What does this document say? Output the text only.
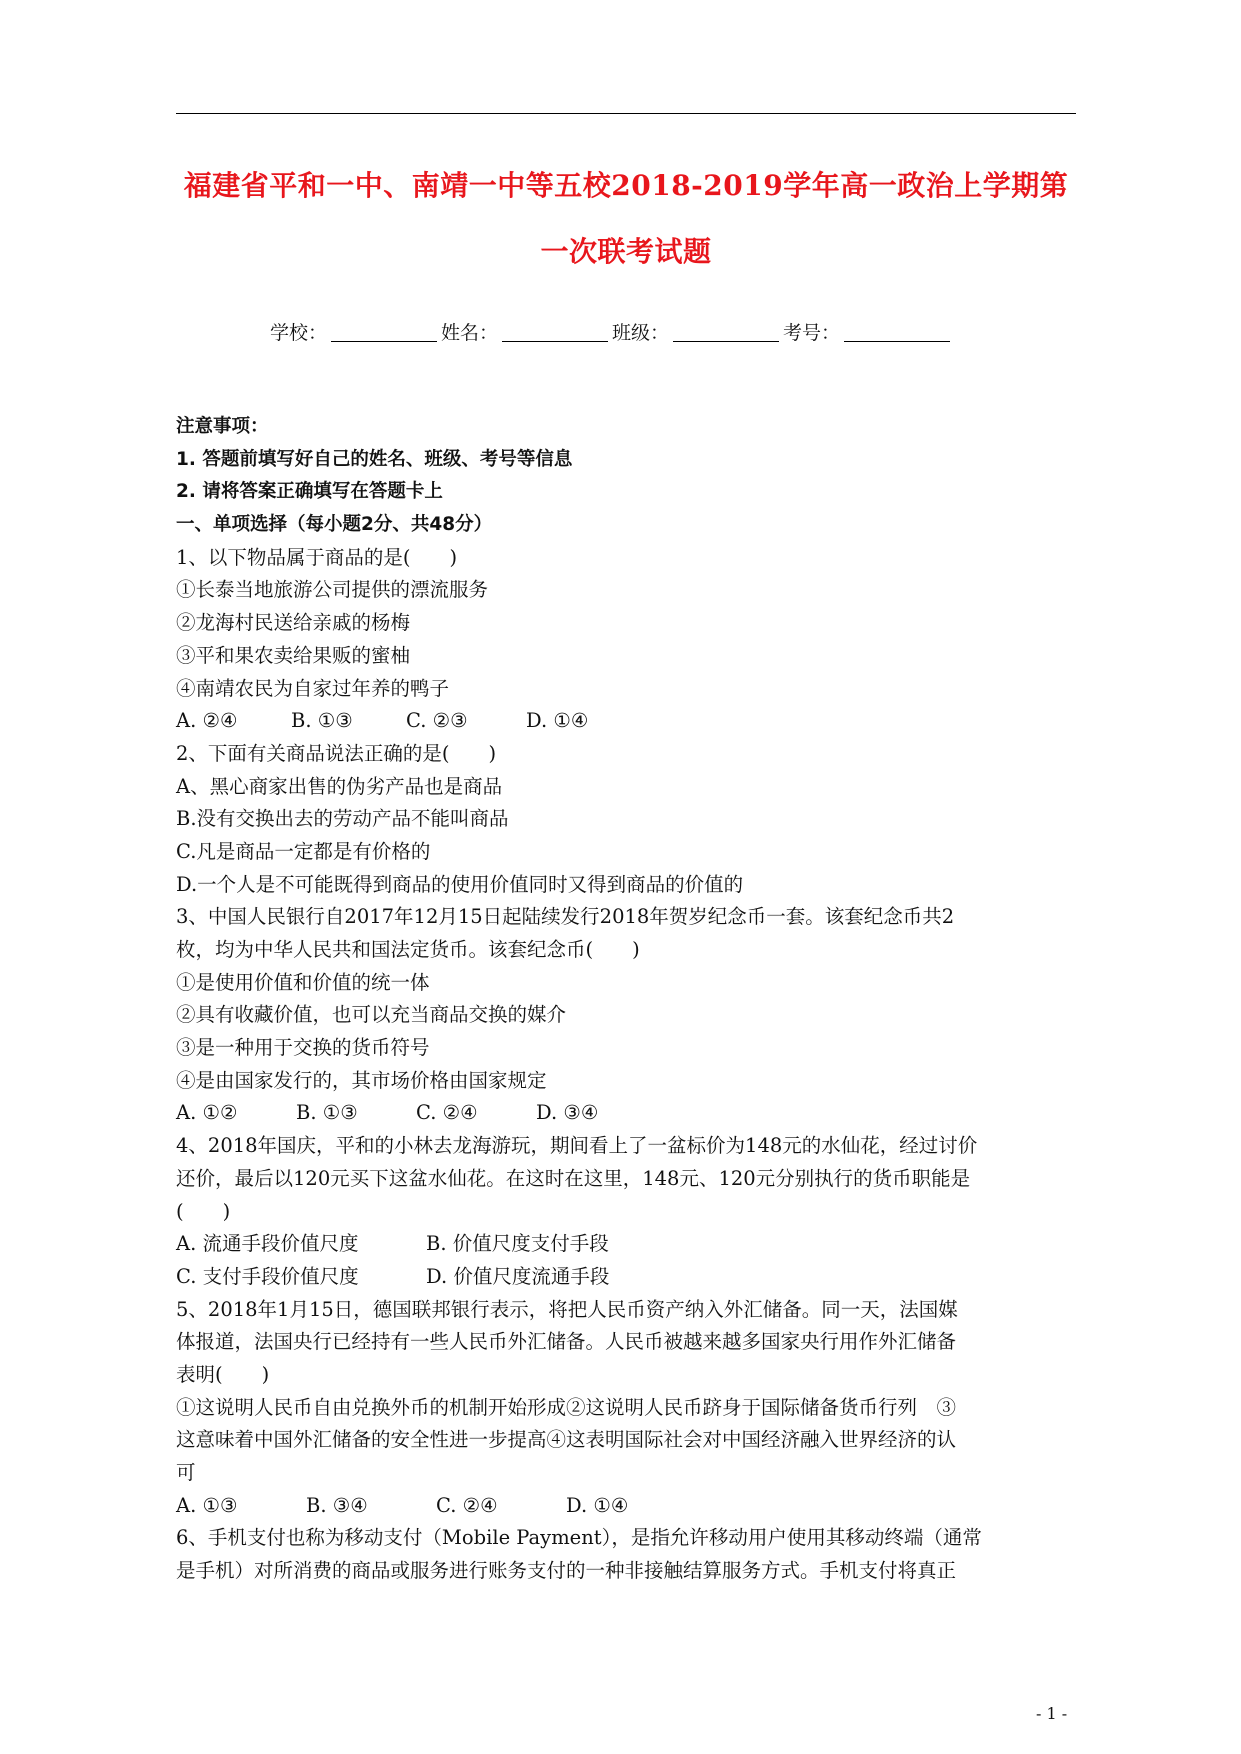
福建省平和一中、南靖一中等五校2018-2019学年高一政治上学期第
一次联考试题
学校：	姓名：	班级：	考号：
注意事项：
1. 答题前填写好自己的姓名、班级、考号等信息
2. 请将答案正确填写在答题卡上
一、单项选择（每小题2分、共48分）
1、以下物品属于商品的是(　　)
①长泰当地旅游公司提供的漂流服务
②龙海村民送给亲戚的杨梅
③平和果农卖给果贩的蜜柚
④南靖农民为自家过年养的鸭子
A. ②④	B. ①③	C. ②③	D. ①④
2、下面有关商品说法正确的是(　　)
A、黑心商家出售的伪劣产品也是商品
B.没有交换出去的劳动产品不能叫商品
C.凡是商品一定都是有价格的
D.一个人是不可能既得到商品的使用价值同时又得到商品的价值的
3、中国人民银行自2017年12月15日起陆续发行2018年贺岁纪念币一套。该套纪念币共2
枚，均为中华人民共和国法定货币。该套纪念币(　　)
①是使用价值和价值的统一体
②具有收藏价值，也可以充当商品交换的媒介
③是一种用于交换的货币符号
④是由国家发行的，其市场价格由国家规定
A. ①②	B. ①③	C. ②④	D. ③④
4、2018年国庆，平和的小林去龙海游玩，期间看上了一盆标价为148元的水仙花，经过讨价
还价，最后以120元买下这盆水仙花。在这时在这里，148元、120元分别执行的货币职能是
(　　)
A. 流通手段价值尺度	B. 价值尺度支付手段
C. 支付手段价值尺度	D. 价值尺度流通手段
5、2018年1月15日，德国联邦银行表示，将把人民币资产纳入外汇储备。同一天，法国媒
体报道，法国央行已经持有一些人民币外汇储备。人民币被越来越多国家央行用作外汇储备
表明(　　)
①这说明人民币自由兑换外币的机制开始形成②这说明人民币跻身于国际储备货币行列　③
这意味着中国外汇储备的安全性进一步提高④这表明国际社会对中国经济融入世界经济的认
可
A. ①③	B. ③④	C. ②④	D. ①④
6、手机支付也称为移动支付（Mobile Payment），是指允许移动用户使用其移动终端（通常
是手机）对所消费的商品或服务进行账务支付的一种非接触结算服务方式。手机支付将真正
- 1 -
